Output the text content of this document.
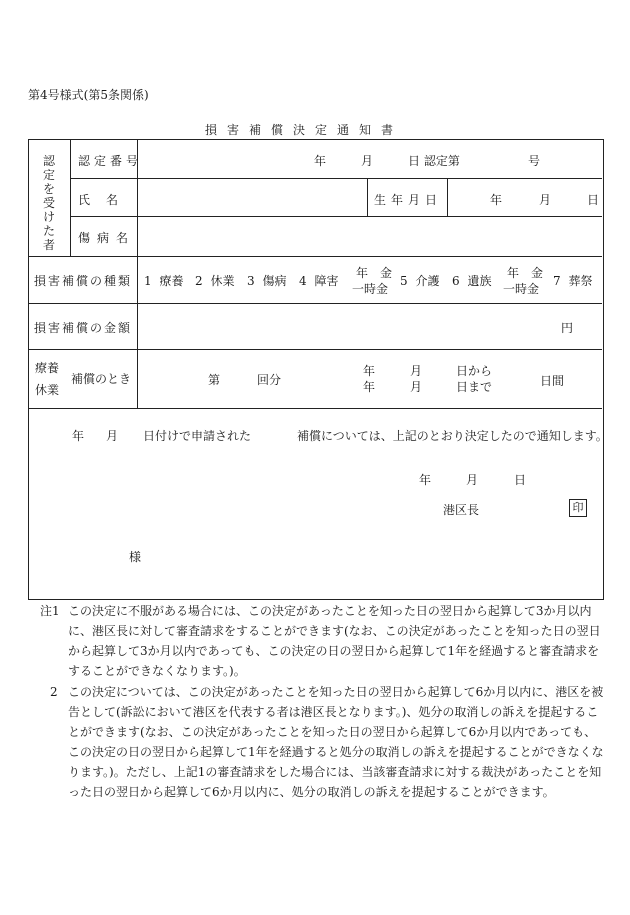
第4号様式(第5条関係)
損害補償決定通知書
認定を受けた者
認定番号	年	月	日 認定第	号
氏　名	生年月日	年	月	日
傷病名
損害補償の種類 1 療養 2 休業 3 傷病 4 障害
年　金
一時金
5 介護 6 遺族
年　金
一時金
7 葬祭
損害補償の金額	円
療養
休業
補償のとき	第	回分
年	月	日から
年	月	日まで	日間
年 月 日付けで申請された	補償については、上記のとおり決定したので通知します。
年	月	日
港区長	印
様
注1 この決定に不服がある場合には、この決定があったことを知った日の翌日から起算して3か月以内に、港区長に対して審査請求をすることができます(なお、この決定があったことを知った日の翌日から起算して3か月以内であっても、この決定の日の翌日から起算して1年を経過すると審査請求をすることができなくなります。)。
2 この決定については、この決定があったことを知った日の翌日から起算して6か月以内に、港区を被告として(訴訟において港区を代表する者は港区長となります。)、処分の取消しの訴えを提起することができます(なお、この決定があったことを知った日の翌日から起算して6か月以内であっても、この決定の日の翌日から起算して1年を経過すると処分の取消しの訴えを提起することができなくなります。)。ただし、上記1の審査請求をした場合には、当該審査請求に対する裁決があったことを知った日の翌日から起算して6か月以内に、処分の取消しの訴えを提起することができます。
